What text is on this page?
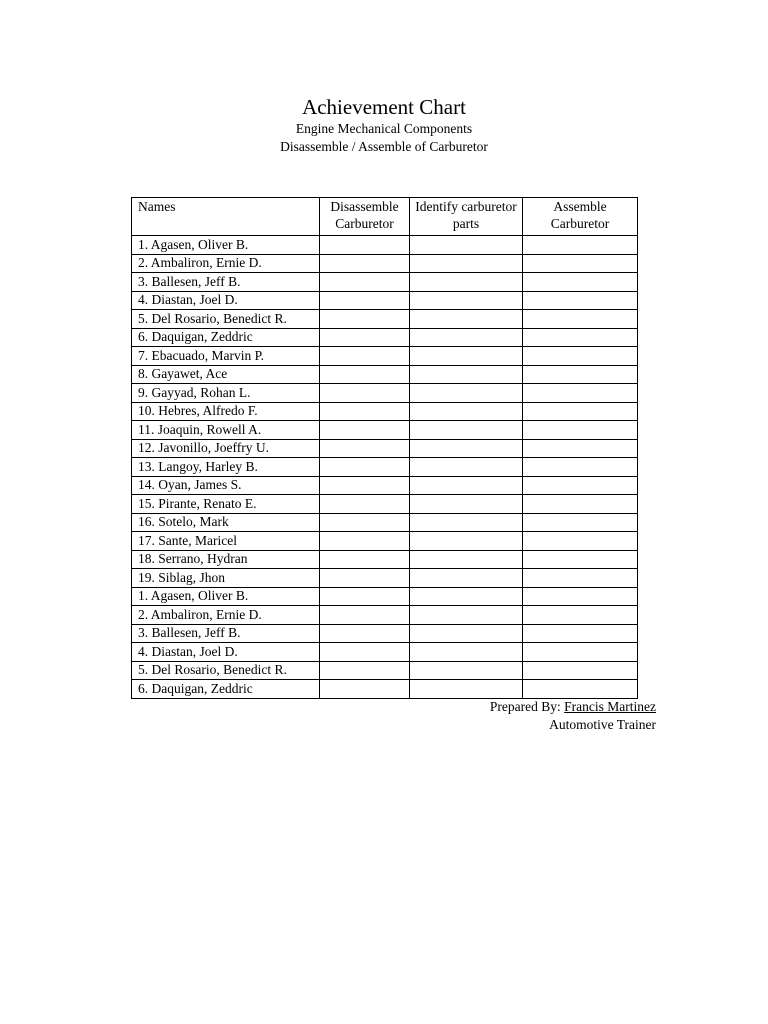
Achievement Chart
Engine Mechanical Components
Disassemble / Assemble of Carburetor
Names	Disassemble Carburetor	Identify carburetor parts	Assemble Carburetor
1. Agasen, Oliver B.			
2. Ambaliron, Ernie D.			
3. Ballesen, Jeff B.			
4. Diastan, Joel D.			
5. Del Rosario, Benedict R.			
6. Daquigan, Zeddric			
7. Ebacuado, Marvin P.			
8. Gayawet, Ace			
9. Gayyad, Rohan L.			
10. Hebres, Alfredo F.			
11. Joaquin, Rowell A.			
12. Javonillo, Joeffry U.			
13. Langoy, Harley B.			
14. Oyan, James S.			
15. Pirante, Renato E.			
16. Sotelo, Mark			
17. Sante, Maricel			
18. Serrano, Hydran			
19. Siblag, Jhon			
1. Agasen, Oliver B.			
2. Ambaliron, Ernie D.			
3. Ballesen, Jeff B.			
4. Diastan, Joel D.			
5. Del Rosario, Benedict R.			
6. Daquigan, Zeddric			
Prepared By: Francis Martinez
Automotive Trainer
